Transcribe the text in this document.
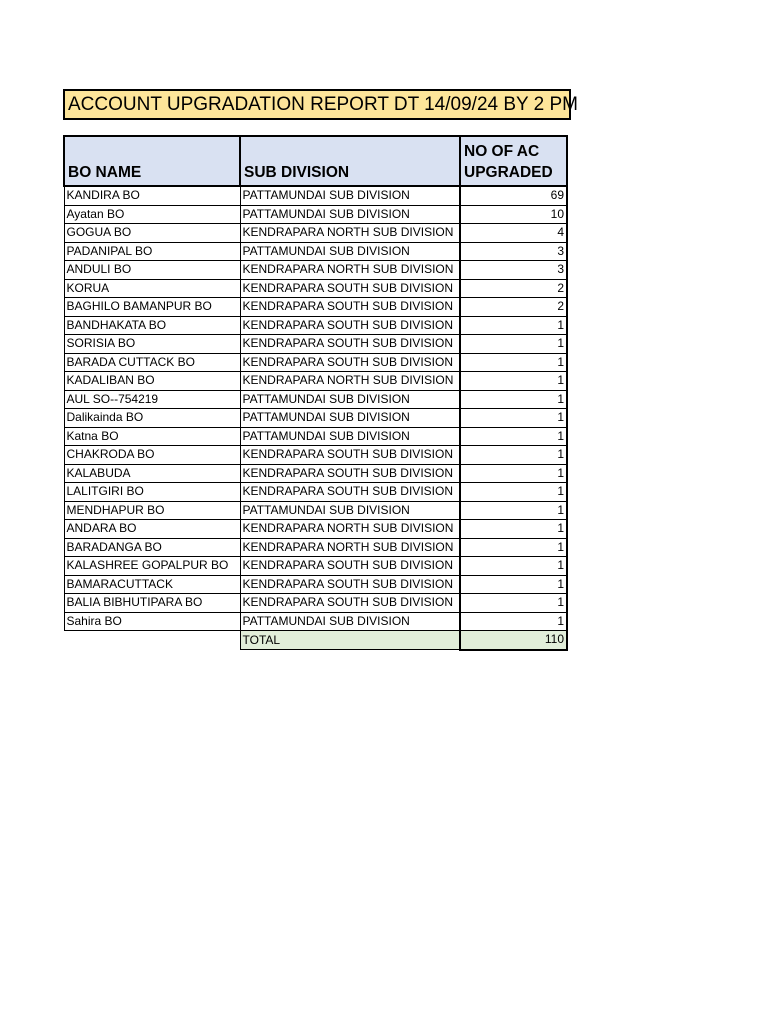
ACCOUNT UPGRADATION REPORT DT 14/09/24 BY 2 PM
BO NAME	SUB DIVISION	NO OF AC
UPGRADED
KANDIRA BO	PATTAMUNDAI SUB DIVISION	69
Ayatan BO	PATTAMUNDAI SUB DIVISION	10
GOGUA BO	KENDRAPARA NORTH SUB DIVISION	4
PADANIPAL BO	PATTAMUNDAI SUB DIVISION	3
ANDULI BO	KENDRAPARA NORTH SUB DIVISION	3
KORUA	KENDRAPARA SOUTH SUB DIVISION	2
BAGHILO BAMANPUR BO	KENDRAPARA SOUTH SUB DIVISION	2
BANDHAKATA BO	KENDRAPARA SOUTH SUB DIVISION	1
SORISIA BO	KENDRAPARA SOUTH SUB DIVISION	1
BARADA CUTTACK BO	KENDRAPARA SOUTH SUB DIVISION	1
KADALIBAN BO	KENDRAPARA NORTH SUB DIVISION	1
AUL SO--754219	PATTAMUNDAI SUB DIVISION	1
Dalikainda BO	PATTAMUNDAI SUB DIVISION	1
Katna BO	PATTAMUNDAI SUB DIVISION	1
CHAKRODA BO	KENDRAPARA SOUTH SUB DIVISION	1
KALABUDA	KENDRAPARA SOUTH SUB DIVISION	1
LALITGIRI BO	KENDRAPARA SOUTH SUB DIVISION	1
MENDHAPUR BO	PATTAMUNDAI SUB DIVISION	1
ANDARA BO	KENDRAPARA NORTH SUB DIVISION	1
BARADANGA BO	KENDRAPARA NORTH SUB DIVISION	1
KALASHREE GOPALPUR BO	KENDRAPARA SOUTH SUB DIVISION	1
BAMARACUTTACK	KENDRAPARA SOUTH SUB DIVISION	1
BALIA BIBHUTIPARA BO	KENDRAPARA SOUTH SUB DIVISION	1
Sahira BO	PATTAMUNDAI SUB DIVISION	1
	TOTAL	110
